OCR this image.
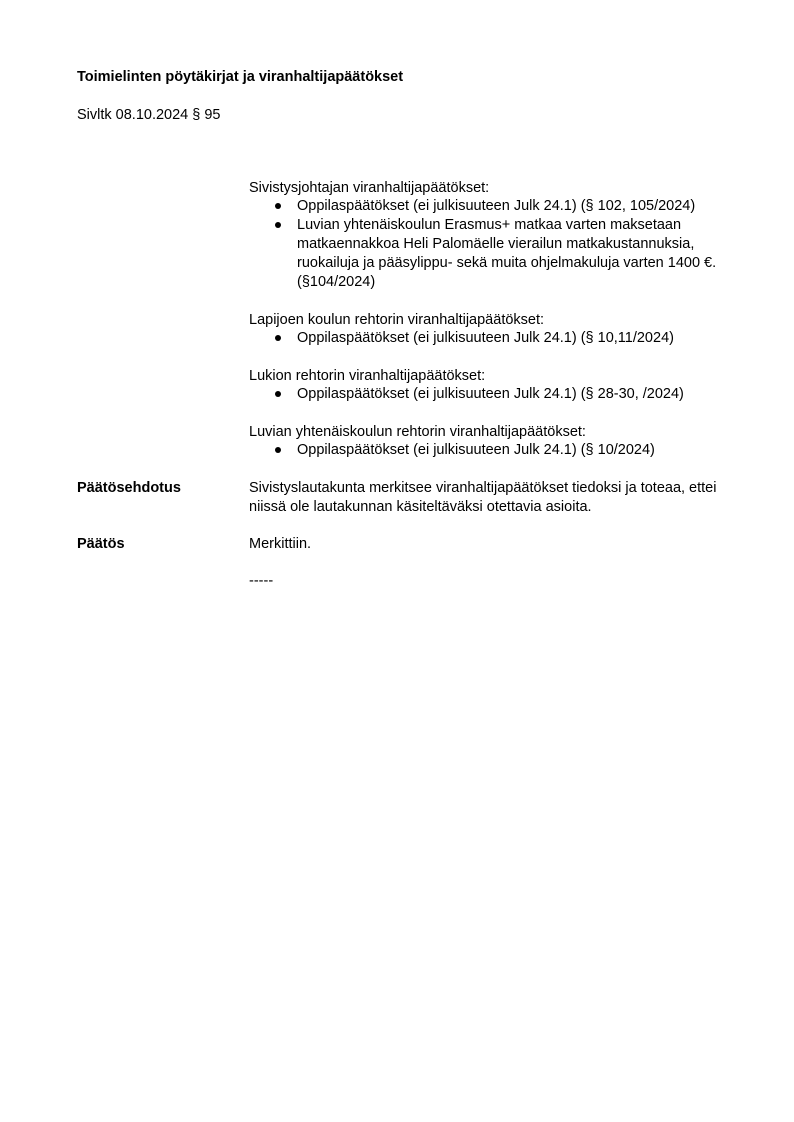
Toimielinten pöytäkirjat ja viranhaltijapäätökset
Sivltk 08.10.2024 § 95

Sivistysjohtajan viranhaltijapäätökset:

Oppilaspäätökset (ei julkisuuteen Julk 24.1) (§ 102, 105/2024)
Luvian yhtenäiskoulun Erasmus+ matkaa varten maksetaan matkaennakkoa Heli Palomäelle vierailun matkakustannuksia, ruokailuja ja pääsylippu- sekä muita ohjelmakuluja varten 1400 €. (§104/2024)

Lapijoen koulun rehtorin viranhaltijapäätökset:

Oppilaspäätökset (ei julkisuuteen Julk 24.1) (§ 10,11/2024)

Lukion rehtorin viranhaltijapäätökset:

Oppilaspäätökset (ei julkisuuteen Julk 24.1) (§ 28-30, /2024)

Luvian yhtenäiskoulun rehtorin viranhaltijapäätökset:

Oppilaspäätökset (ei julkisuuteen Julk 24.1) (§ 10/2024)
Päätösehdotus	Sivistyslautakunta merkitsee viranhaltijapäätökset tiedoksi ja toteaa, ettei niissä ole lautakunnan käsiteltäväksi otettavia asioita.
Päätös	Merkittiin.
-----
